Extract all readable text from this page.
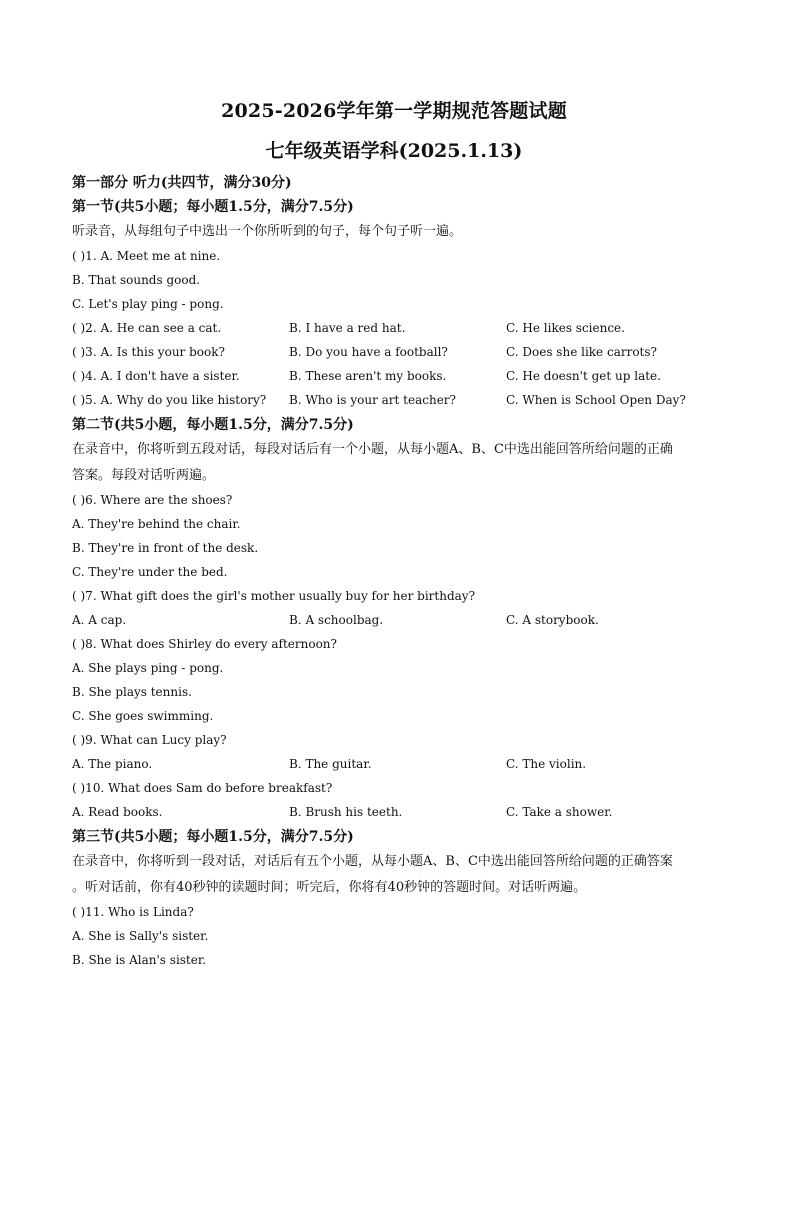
2025-2026学年第一学期规范答题试题
七年级英语学科(2025.1.13)
第一部分 听力(共四节，满分30分)
第一节(共5小题；每小题1.5分，满分7.5分)
听录音，从每组句子中选出一个你所听到的句子，每个句子听一遍。
( )1. A. Meet me at nine.
B. That sounds good.
C. Let's play ping - pong.
( )2. A. He can see a cat.	B. I have a red hat.	C. He likes science.
( )3. A. Is this your book?	B. Do you have a football?	C. Does she like carrots?
( )4. A. I don't have a sister.	B. These aren't my books.	C. He doesn't get up late.
( )5. A. Why do you like history? B. Who is your art teacher?	C. When is School Open Day?
第二节(共5小题，每小题1.5分，满分7.5分)
在录音中，你将听到五段对话，每段对话后有一个小题，从每小题A、B、C中选出能回答所给问题的正确
答案。每段对话听两遍。
( )6. Where are the shoes?
A. They're behind the chair.
B. They're in front of the desk.
C. They're under the bed.
( )7. What gift does the girl's mother usually buy for her birthday?
A. A cap.	B. A schoolbag.	C. A storybook.
( )8. What does Shirley do every afternoon?
A. She plays ping - pong.
B. She plays tennis.
C. She goes swimming.
( )9. What can Lucy play?
A. The piano.	B. The guitar.	C. The violin.
( )10. What does Sam do before breakfast?
A. Read books.	B. Brush his teeth.	C. Take a shower.
第三节(共5小题；每小题1.5分，满分7.5分)
在录音中，你将听到一段对话，对话后有五个小题，从每小题A、B、C中选出能回答所给问题的正确答案
。听对话前，你有40秒钟的读题时间；听完后，你将有40秒钟的答题时间。对话听两遍。
( )11. Who is Linda?
A. She is Sally's sister.
B. She is Alan's sister.
